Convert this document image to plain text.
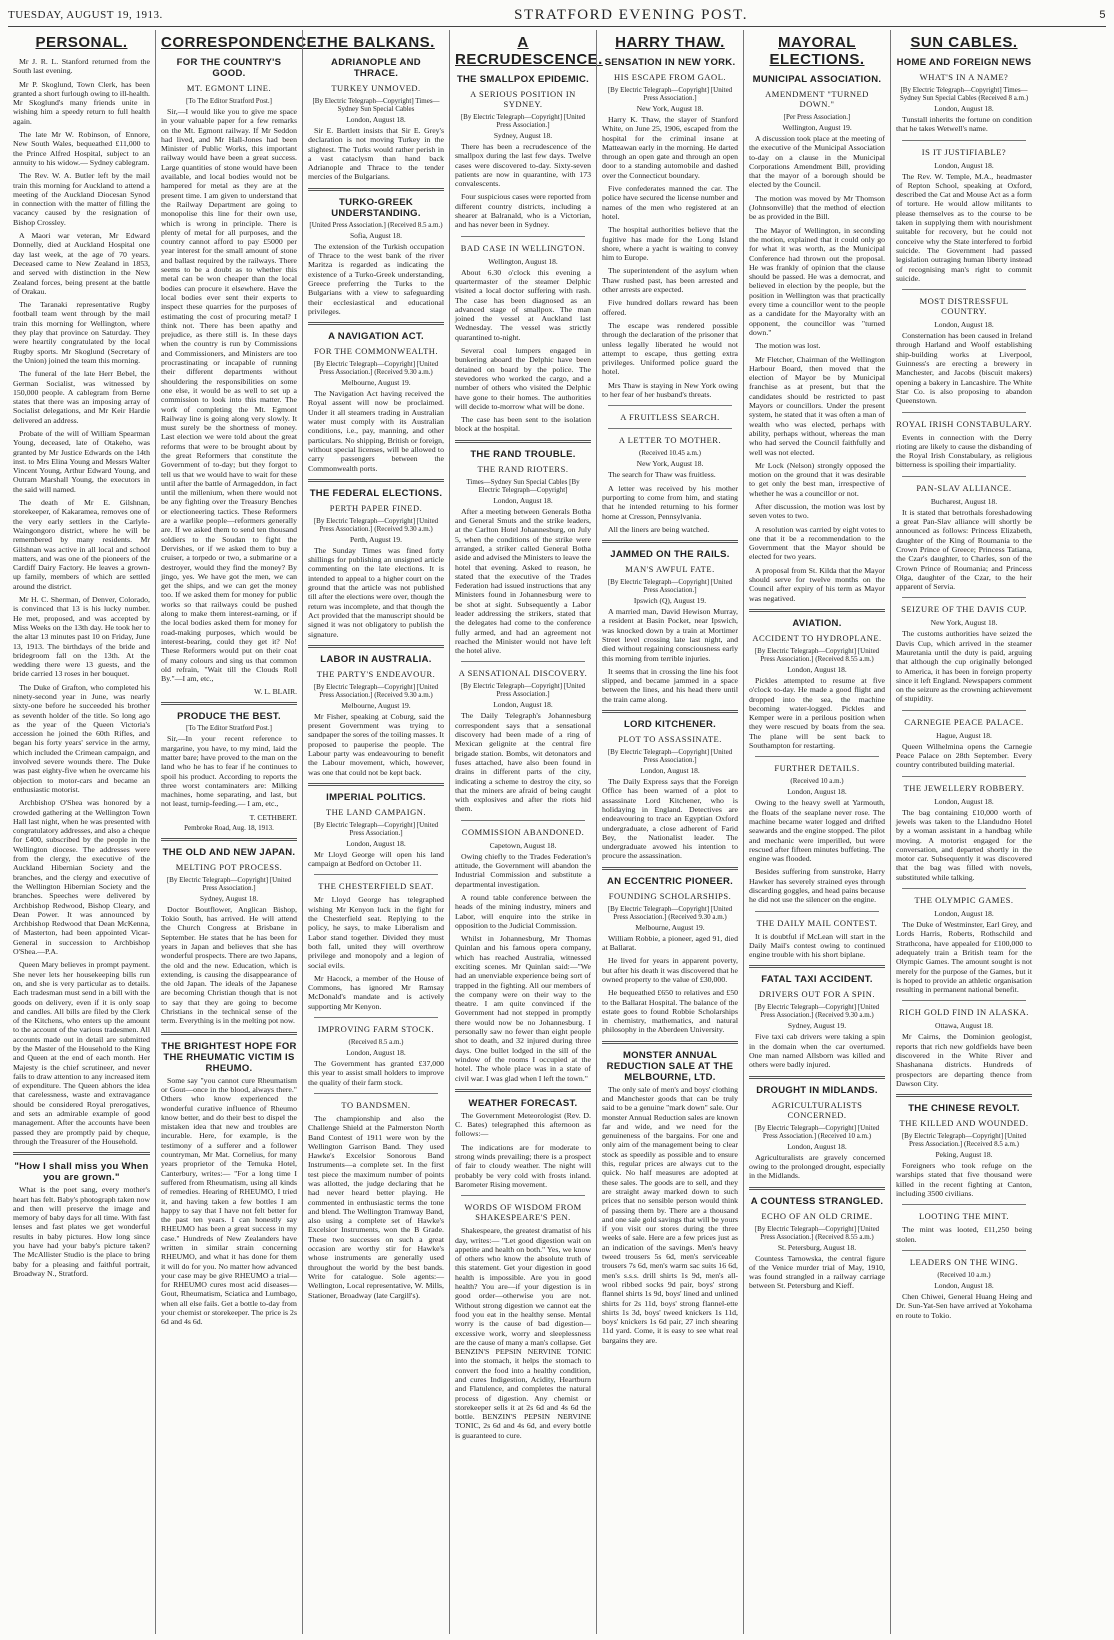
TUESDAY, AUGUST 19, 1913.	STRATFORD EVENING POST.	5
PERSONAL.

Mr J. R. L. Stanford returned from the South last evening.

Mr P. Skoglund, Town Clerk, has been granted a short furlough owing to ill-health. Mr Skoglund's many friends unite in wishing him a speedy return to full health again.

The late Mr W. Robinson, of Ennore, New South Wales, bequeathed £11,000 to the Prince Alfred Hospital, subject to an annuity to his widow.— Sydney cablegram.

The Rev. W. A. Butler left by the mail train this morning for Auckland to attend a meeting of the Auckland Diocesan Synod in connection with the matter of filling the vacancy caused by the resignation of Bishop Crossley.

A Maori war veteran, Mr Edward Donnelly, died at Auckland Hospital one day last week, at the age of 70 years. Deceased came to New Zealand in 1853, and served with distinction in the New Zealand forces, being present at the battle of Orakau.

The Taranaki representative Rugby football team went through by the mail train this morning for Wellington, where they play that province on Saturday. They were heartily congratulated by the local Rugby sports. Mr Skoglund (Secretary of the Union) joined the team this morning.

The funeral of the late Herr Bebel, the German Socialist, was witnessed by 150,000 people. A cablegram from Berne states that there was an imposing array of Socialist delegations, and Mr Keir Hardie delivered an address.

Probate of the will of William Spearman Young, deceased, late of Otakeho, was granted by Mr Justice Edwards on the 14th inst. to Mrs Elina Young and Messrs Walter Vincent Young, Arthur Edward Young, and Outram Marshall Young, the executors in the said will named.

The death of Mr E. Gilshnan, storekeeper, of Kakaramea, removes one of the very early settlers in the Carlyle-Waingongoro district, where he will be remembered by many residents. Mr Gilshnan was active in all local and school matters, and was one of the pioneers of the Cardiff Dairy Factory. He leaves a grown-up family, members of which are settled around the district.

Mr H. C. Sherman, of Denver, Colorado, is convinced that 13 is his lucky number. He met, proposed, and was accepted by Miss Weeks on the 13th day. He took her to the altar 13 minutes past 10 on Friday, June 13, 1913. The birthdays of the bride and bridegroom fall on the 13th. At the wedding there were 13 guests, and the bride carried 13 roses in her bouquet.

The Duke of Grafton, who completed his ninety-second year in June, was nearly sixty-one before he succeeded his brother as seventh holder of the title. So long ago as the year of the Queen Victoria's accession he joined the 60th Rifles, and began his forty years' service in the army, which included the Crimean campaign, and involved severe wounds there. The Duke was past eighty-five when he overcame his objection to motor-cars and became an enthusiastic motorist.

Archbishop O'Shea was honored by a crowded gathering at the Wellington Town Hall last night, when he was presented with congratulatory addresses, and also a cheque for £400, subscribed by the people in the Wellington diocese. The addresses were from the clergy, the executive of the Auckland Hibernian Society and the branches, and the clergy and executive of the Wellington Hibernian Society and the branches. Speeches were delivered by Archbishop Redwood, Bishop Cleary, and Dean Power. It was announced by Archbishop Redwood that Dean McKenna, of Masterton, had been appointed Vicar-General in succession to Archbishop O'Shea.—P.A.

Queen Mary believes in prompt payment. She never lets her housekeeping bills run on, and she is very particular as to details. Each tradesman must send in a bill with the goods on delivery, even if it is only soap and candles. All bills are filed by the Clerk of the Kitchens, who enters up the amount to the account of the various tradesmen. All accounts made out in detail are submitted by the Master of the Household to the King and Queen at the end of each month. Her Majesty is the chief scrutineer, and never fails to draw attention to any increased item of expenditure. The Queen abhors the idea that carelessness, waste and extravagance should be considered Royal prerogatives, and sets an admirable example of good management. After the accounts have been passed they are promptly paid by cheque, through the Treasurer of the Household.

"How I shall miss you When you are grown."

What is the poet sang, every mother's heart has felt. Baby's photograph taken now and then will preserve the image and memory of baby days for all time. With fast lenses and fast plates we get wonderful results in baby pictures. How long since you have had your baby's picture taken? The McAllister Studio is the place to bring baby for a pleasing and faithful portrait, Broadway N., Stratford.

CORRESPONDENCE.
FOR THE COUNTRY'S GOOD.
MT. EGMONT LINE.
[To The Editor Stratford Post.]

Sir,—I would like you to give me space in your valuable paper for a few remarks on the Mt. Egmont railway. If Mr Seddon had lived, and Mr Hall-Jones had been Minister of Public Works, this important railway would have been a great success. Large quantities of stone would have been available, and local bodies would not be hampered for metal as they are at the present time. I am given to understand that the Railway Department are going to monopolise this line for their own use, which is wrong in principle. There is plenty of metal for all purposes, and the country cannot afford to pay £5000 per year interest for the small amount of stone and ballast required by the railways. There seems to be a doubt as to whether this metal can be won cheaper than the local bodies can procure it elsewhere. Have the local bodies ever sent their experts to inspect these quarries for the purposes of estimating the cost of procuring metal? I think not. There has been apathy and prejudice, as there still is. In these days when the country is run by Commissions and Commissioners, and Ministers are too procrastinating or incapable of running their different departments without shouldering the responsibilities on some one else, it would be as well to set up a commission to look into this matter. The work of completing the Mt. Egmont Railway line is going along very slowly. It must surely be the shortness of money. Last election we were told about the great reforms that were to be brought about by the great Reformers that constitute the Government of to-day; but they forgot to tell us that we would have to wait for these until after the battle of Armageddon, in fact until the millenium, when there would not be any fighting over the Treasury Benches or electioneering tactics. These Reformers are a warlike people—reformers generally are. If we asked them to send ten thousand soldiers to the Soudan to fight the Dervishes, or if we asked them to buy a cruiser, a torpedo or two, a submarine or a destroyer, would they find the money? By jingo, yes. We have got the men, we can get the ships, and we can get the money too. If we asked them for money for public works so that railways could be pushed along to make them interest-earning, or if the local bodies asked them for money for road-making purposes, which would be interest-bearing, could they get it? No! These Reformers would put on their coat of many colours and sing us that common old refrain, "Wait till the Clouds Roll By."—I am, etc.,

W. L. BLAIR.
PRODUCE THE BEST.
[To The Editor Stratford Post.]

Sir,—In your recent reference to margarine, you have, to my mind, laid the matter bare; have proved to the man on the land who he has to fear if he continues to spoil his product. According to reports the three worst contaminaters are: Milking machines, home separating, and last, but not least, turnip-feeding.— I am, etc.,

T. CETHBERT.
Pembroke Road, Aug. 18, 1913.
THE OLD AND NEW JAPAN.
MELTING POT PROCESS.
[By Electric Telegraph—Copyright] [United Press Association.]
Sydney, August 18.

Doctor Boutflower, Anglican Bishop, Tokio South, has arrived. He will attend the Church Congress at Brisbane in September. He states that he has been for years in Japan and believes that she has wonderful prospects. There are two Japans, the old and the new. Education, which is extending, is causing the disappearance of the old Japan. The ideals of the Japanese are becoming Christian though that is not to say that they are going to become Christians in the technical sense of the term. Everything is in the melting pot now.

THE BRIGHTEST HOPE FOR THE RHEUMATIC VICTIM IS RHEUMO.

Some say "you cannot cure Rheumatism or Gout—once in the blood, always there." Others who know experienced the wonderful curative influence of Rheumo know better, and do their best to dispel the mistaken idea that new and troubles are incurable. Here, for example, is the testimony of a sufferer and a follower countryman, Mr Mat. Cornelius, for many years proprietor of the Temuka Hotel, Canterbury, writes:— "For a long time I suffered from Rheumatism, using all kinds of remedies. Hearing of RHEUMO, I tried it, and having taken a few bottles I am happy to say that I have not felt better for the past ten years. I can honestly say RHEUMO has been a great success in my case." Hundreds of New Zealanders have written in similar strain concerning RHEUMO, and what it has done for them it will do for you. No matter how advanced your case may be give RHEUMO a trial—for RHEUMO cures most acid diseases—Gout, Rheumatism, Sciatica and Lumbago, when all else fails. Get a bottle to-day from your chemist or storekeeper. The price is 2s 6d and 4s 6d.

THE BALKANS.
ADRIANOPLE AND THRACE.
TURKEY UNMOVED.
[By Electric Telegraph—Copyright] Times—Sydney Sun Special Cables
London, August 18.

Sir E. Bartlett insists that Sir E. Grey's declaration is not moving Turkey in the slightest. The Turks would rather perish in a vast cataclysm than hand back Adrianople and Thrace to the tender mercies of the Bulgarians.

TURKO-GREEK UNDERSTANDING.
[United Press Association.] (Received 8.5 a.m.)
Sofia, August 18.

The extension of the Turkish occupation of Thrace to the west bank of the river Maritza is regarded as indicating the existence of a Turko-Greek understanding, Greece preferring the Turks to the Bulgarians with a view to safeguarding their ecclesiastical and educational privileges.

A NAVIGATION ACT.
FOR THE COMMONWEALTH.
[By Electric Telegraph—Copyright] [United Press Association.] (Received 9.30 a.m.)
Melbourne, August 19.

The Navigation Act having received the Royal assent will now be proclaimed. Under it all steamers trading in Australian water must comply with its Australian conditions, i.e., pay, manning, and other particulars. No shipping, British or foreign, without special licenses, will be allowed to carry passengers between the Commonwealth ports.

THE FEDERAL ELECTIONS.
PERTH PAPER FINED.
[By Electric Telegraph—Copyright] [United Press Association.] (Received 9.30 a.m.)
Perth, August 19.

The Sunday Times was fined forty shillings for publishing an unsigned article commenting on the late elections. It is intended to appeal to a higher court on the ground that the article was not published till after the elections were over, though the return was incomplete, and that though the Act provided that the manuscript should be signed it was not obligatory to publish the signature.

LABOR IN AUSTRALIA.
THE PARTY'S ENDEAVOUR.
[By Electric Telegraph—Copyright] [United Press Association.] (Received 9.30 a.m.)
Melbourne, August 19.

Mr Fisher, speaking at Coburg, said the present Government was trying to sandpaper the sores of the toiling masses. It proposed to pauperise the people. The Labour party was endeavouring to benefit the Labour movement, which, however, was one that could not be kept back.

IMPERIAL POLITICS.
THE LAND CAMPAIGN.
[By Electric Telegraph—Copyright] [United Press Association.]
London, August 18.

Mr Lloyd George will open his land campaign at Bedford on October 11.

THE CHESTERFIELD SEAT.

Mr Lloyd George has telegraphed wishing Mr Kenyon luck in the fight for the Chesterfield seat. Replying to the policy, he says, to make Liberalism and Labor stand together. Divided they must both fall, united they will overthrow privilege and monopoly and a legion of social evils.

Mr Hacock, a member of the House of Commons, has ignored Mr Ramsay McDonald's mandate and is actively supporting Mr Kenyon.

IMPROVING FARM STOCK.
(Received 8.5 a.m.)
London, August 18.

The Government has granted £37,000 this year to assist small holders to improve the quality of their farm stock.

TO BANDSMEN.

The championship and also the Challenge Shield at the Palmerston North Band Contest of 1911 were won by the Wellington Garrison Band. They used Hawke's Excelsior Sonorous Band Instruments—a complete set. In the first test piece the maximum number of points was allotted, the judge declaring that he had never heard better playing. He commented in enthusiastic terms the tone and blend. The Wellington Tramway Band, also using a complete set of Hawke's Excelsior Instruments, won the B Grade. These two successes on such a great occasion are worthy stir for Hawke's whose instruments are generally used throughout the world by the best bands. Write for catalogue. Sole agents:— Wellington, Local representative, W. Mills, Stationer, Broadway (late Cargill's).

A RECRUDESCENCE.
THE SMALLPOX EPIDEMIC.
A SERIOUS POSITION IN SYDNEY.
[By Electric Telegraph—Copyright] [United Press Association.]
Sydney, August 18.

There has been a recrudescence of the smallpox during the last few days. Twelve cases were discovered to-day. Sixty-seven patients are now in quarantine, with 173 convalescents.

Four suspicious cases were reported from different country districts, including a shearer at Balranald, who is a Victorian, and has never been in Sydney.

BAD CASE IN WELLINGTON.
Wellington, August 18.

About 6.30 o'clock this evening a quartermaster of the steamer Delphic visited a local doctor suffering with rash. The case has been diagnosed as an advanced stage of smallpox. The man joined the vessel at Auckland last Wednesday. The vessel was strictly quarantined to-night.

Several coal lumpers engaged in bunkering aboard the Delphic have been detained on board by the police. The stevedores who worked the cargo, and a number of others who visited the Delphic have gone to their homes. The authorities will decide to-morrow what will be done.

The case has been sent to the isolation block at the hospital.

THE RAND TROUBLE.
THE RAND RIOTERS.
Times—Sydney Sun Special Cables [By Electric Telegraph—Copyright]
London, August 18.

After a meeting between Generals Botha and General Smuts and the strike leaders, at the Carlton Hotel Johannesburg, on July 5, when the conditions of the strike were arranged, a striker called General Botha aside and advised the Ministers to leave the hotel that evening. Asked to reason, he stated that the executive of the Trades Federation had issued instructions that any Ministers found in Johannesburg were to be shot at sight. Subsequently a Labor leader addressing the strikers, stated that the delegates had come to the conference fully armed, and had an agreement not reached the Minister would not have left the hotel alive.

A SENSATIONAL DISCOVERY.
[By Electric Telegraph—Copyright] [United Press Association.]
London, August 18.

The Daily Telegraph's Johannesburg correspondent says that a sensational discovery had been made of a ring of Mexican gelignite at the central fire brigade station. Bombs, wit detonators and fuses attached, have also been found in drains in different parts of the city, indicating a scheme to destroy the city, so that the miners are afraid of being caught with explosives and after the riots hid them.

COMMISSION ABANDONED.
Capetown, August 18.

Owing chiefly to the Trades Federation's attitude, the Government will abandon the Industrial Commission and substitute a departmental investigation.

A round table conference between the heads of the mining industry, miners and Labor, will enquire into the strike in opposition to the Judicial Commission.

Whilst in Johannesburg, Mr Thomas Quinlan and his famous opera company, which has reached Australia, witnessed exciting scenes. Mr Quinlan said:—"We had an unenviable experience being sort of trapped in the fighting. All our members of the company were on their way to the theatre. I am quite convinced if the Government had not stepped in promptly there would now be no Johannesburg. I personally saw no fewer than eight people shot to death, and 32 injured during three days. One bullet lodged in the sill of the window of the rooms I occupied at the hotel. The whole place was in a state of civil war. I was glad when I left the town."

WEATHER FORECAST.

The Government Meteorologist (Rev. D. C. Bates) telegraphed this afternoon as follows:—

The indications are for moderate to strong winds prevailing; there is a prospect of fair to cloudy weather. The night will probably be very cold with frosts inland. Barometer Rising movement.

WORDS OF WISDOM FROM SHAKESPEARE'S PEN.

Shakespeare, the greatest dramatist of his day, writes:— "Let good digestion wait on appetite and health on both." Yes, we know of others who know the absolute truth of this statement. Get your digestion in good health is impossible. Are you in good health? You are—if your digestion is in good order—otherwise you are not. Without strong digestion we cannot eat the food you eat in the healthy sense. Mental worry is the cause of bad digestion—excessive work, worry and sleeplessness are the cause of many a man's collapse. Get BENZIN'S PEPSIN NERVINE TONIC into the stomach, it helps the stomach to convert the food into a healthy condition, and cures Indigestion, Acidity, Heartburn and Flatulence, and completes the natural process of digestion. Any chemist or storekeeper sells it at 2s 6d and 4s 6d the bottle. BENZIN'S PEPSIN NERVINE TONIC, 2s 6d and 4s 6d, and every bottle is guaranteed to cure.

HARRY THAW.
SENSATION IN NEW YORK.
HIS ESCAPE FROM GAOL.
[By Electric Telegraph—Copyright] [United Press Association.]
New York, August 18.

Harry K. Thaw, the slayer of Stanford White, on June 25, 1906, escaped from the hospital for the criminal insane at Matteawan early in the morning. He darted through an open gate and through an open door to a standing automobile and dashed over the Connecticut boundary.

Five confederates manned the car. The police have secured the license number and names of the men who registered at an hotel.

The hospital authorities believe that the fugitive has made for the Long Island shore, where a yacht is waiting to convey him to Europe.

The superintendent of the asylum when Thaw rushed past, has been arrested and other arrests are expected.

Five hundred dollars reward has been offered.

The escape was rendered possible through the declaration of the prisoner that unless legally liberated he would not attempt to escape, thus getting extra privileges. Uniformed police guard the hotel.

Mrs Thaw is staying in New York owing to her fear of her husband's threats.

A FRUITLESS SEARCH.
A LETTER TO MOTHER.
(Received 10.45 a.m.)
New York, August 18.

The search for Thaw was fruitless.

A letter was received by his mother purporting to come from him, and stating that he intended returning to his former home at Cresson, Pennsylvania.

All the liners are being watched.

JAMMED ON THE RAILS.
MAN'S AWFUL FATE.
[By Electric Telegraph—Copyright] [United Press Association.]
Ipswich (Q), August 19.

A married man, David Hewison Murray, a resident at Basin Pocket, near Ipswich, was knocked down by a train at Mortimer Street level crossing late last night, and died without regaining consciousness early this morning from terrible injuries.

It seems that in crossing the line his foot slipped, and became jammed in a space between the lines, and his head there until the train came along.

LORD KITCHENER.
PLOT TO ASSASSINATE.
[By Electric Telegraph—Copyright] [United Press Association.]
London, August 18.

The Daily Express says that the Foreign Office has been warned of a plot to assassinate Lord Kitchener, who is holidaying in England. Detectives are endeavouring to trace an Egyptian Oxford undergraduate, a close adherent of Farid Bey, the Nationalist leader. The undergraduate avowed his intention to procure the assassination.

AN ECCENTRIC PIONEER.
FOUNDING SCHOLARSHIPS.
[By Electric Telegraph—Copyright] [United Press Association.] (Received 9.30 a.m.)
Melbourne, August 19.

William Robbie, a pioneer, aged 91, died at Ballarat.

He lived for years in apparent poverty, but after his death it was discovered that he owned property to the value of £30,000.

He bequeathed £650 to relatives and £50 to the Ballarat Hospital. The balance of the estate goes to found Robbie Scholarships in chemistry, mathematics, and natural philosophy in the Aberdeen University.

MONSTER ANNUAL REDUCTION SALE AT THE MELBOURNE, LTD.

The only sale of men's and boys' clothing and Manchester goods that can be truly said to be a genuine "mark down" sale. Our monster Annual Reduction sales are known far and wide, and we need for the genuineness of the bargains. For one and only aim of the management being to clear stock as speedily as possible and to ensure this, regular prices are always cut to the quick. No half measures are adopted at these sales. The goods are to sell, and they are straight away marked down to such prices that no sensible person would think of passing them by. There are a thousand and one sale gold savings that will be yours if you visit our stores during the three weeks of sale. Here are a few prices just as an indication of the savings. Men's heavy tweed trousers 5s 6d, men's serviceable trousers 7s 6d, men's warm sac suits 16 6d, men's s.s.s. drill shirts 1s 9d, men's all-wool ribbed socks 9d pair, boys' strong flannel shirts 1s 9d, boys' lined and unlined shirts for 2s 11d, boys' strong flannel-ette shirts 1s 3d, boys' tweed knickers 1s 11d, boys' knickers 1s 6d pair, 27 inch shearing 11d yard. Come, it is easy to see what real bargains they are.

MAYORAL ELECTIONS.
MUNICIPAL ASSOCIATION.
AMENDMENT "TURNED DOWN."
[Per Press Association.]
Wellington, August 19.

A discussion took place at the meeting of the executive of the Municipal Association to-day on a clause in the Municipal Corporations Amendment Bill, providing that the mayor of a borough should be elected by the Council.

The motion was moved by Mr Thomson (Johnsonville) that the method of election be as provided in the Bill.

The Mayor of Wellington, in seconding the motion, explained that it could only go for what it was worth, as the Municipal Conference had thrown out the proposal. He was frankly of opinion that the clause should be passed. He was a democrat, and believed in election by the people, but the position in Wellington was that practically every time a councillor went to the people as a candidate for the Mayoralty with an opponent, the councillor was "turned down."

The motion was lost.

Mr Fletcher, Chairman of the Wellington Harbour Board, then moved that the election of Mayor be by Municipal franchise as at present, but that the candidates should be restricted to past Mayors or councillors. Under the present system, he stated that it was often a man of wealth who was elected, perhaps with ability, perhaps without, whereas the man who had served the Council faithfully and well was not elected.

Mr Lock (Nelson) strongly opposed the motion on the ground that it was desirable to get only the best man, irrespective of whether he was a councillor or not.

After discussion, the motion was lost by seven votes to two.

A resolution was carried by eight votes to one that it be a recommendation to the Government that the Mayor should be elected for two years.

A proposal from St. Kilda that the Mayor should serve for twelve months on the Council after expiry of his term as Mayor was negatived.

AVIATION.
ACCIDENT TO HYDROPLANE.
[By Electric Telegraph—Copyright] [United Press Association.] (Received 8.55 a.m.)
London, August 18.

Pickles attempted to resume at five o'clock to-day. He made a good flight and dropped into the sea, the machine becoming water-logged. Pickles and Kemper were in a perilous position when they were rescued by boats from the sea. The plane will be sent back to Southampton for restarting.

FURTHER DETAILS.
(Received 10 a.m.)
London, August 18.

Owing to the heavy swell at Yarmouth, the floats of the seaplane never rose. The machine became water logged and drifted seawards and the engine stopped. The pilot and mechanic were imperilled, but were rescued after fifteen minutes buffeting. The engine was flooded.

Besides suffering from sunstroke, Harry Hawker has severely strained eyes through discarding goggles, and head pains because he did not use the silencer on the engine.

THE DAILY MAIL CONTEST.

It is doubtful if McLean will start in the Daily Mail's contest owing to continued engine trouble with his short biplane.

FATAL TAXI ACCIDENT.
DRIVERS OUT FOR A SPIN.
[By Electric Telegraph—Copyright] [United Press Association.] (Received 9.30 a.m.)
Sydney, August 19.

Five taxi cab drivers were taking a spin in the domain when the car overturned. One man named Allsborn was killed and others were badly injured.

DROUGHT IN MIDLANDS.
AGRICULTURALISTS CONCERNED.
[By Electric Telegraph—Copyright] [United Press Association.] (Received 10 a.m.)
London, August 18.

Agriculturalists are gravely concerned owing to the prolonged drought, especially in the Midlands.

A COUNTESS STRANGLED.
ECHO OF AN OLD CRIME.
[By Electric Telegraph—Copyright] [United Press Association.] (Received 8.55 a.m.)
St. Petersburg, August 18.

Countess Tarnowska, the central figure of the Venice murder trial of May, 1910, was found strangled in a railway carriage between St. Petersburg and Kieff.

SUN CABLES.
HOME AND FOREIGN NEWS
WHAT'S IN A NAME?
[By Electric Telegraph—Copyright] Times—Sydney Sun Special Cables (Received 8 a.m.)
London, August 18.

Tunstall inherits the fortune on condition that he takes Wetwell's name.

IS IT JUSTIFIABLE?
London, August 18.

The Rev. W. Temple, M.A., headmaster of Repton School, speaking at Oxford, described the Cat and Mouse Act as a form of torture. He would allow militants to please themselves as to the course to be taken in supplying them with nourishment suitable for recovery, but he could not conceive why the State interfered to forbid suicide. The Government had passed legislation outraging human liberty instead of recognising man's right to commit suicide.

MOST DISTRESSFUL COUNTRY.
London, August 18.

Consternation has been caused in Ireland through Harland and Woolf establishing ship-building works at Liverpool, Guinness's are erecting a brewery in Manchester, and Jacobs (biscuit makers) opening a bakery in Lancashire. The White Star Co. is also proposing to abandon Queenstown.

ROYAL IRISH CONSTABULARY.

Events in connection with the Derry rioting are likely to cause the disbanding of the Royal Irish Constabulary, as religious bitterness is spoiling their impartiality.

PAN-SLAV ALLIANCE.
Bucharest, August 18.

It is stated that betrothals foreshadowing a great Pan-Slav alliance will shortly be announced as follows: Princess Elizabeth, daughter of the King of Roumania to the Crown Prince of Greece; Princess Tatiana, the Czar's daughter, to Charles, son of the Crown Prince of Roumania; and Princess Olga, daughter of the Czar, to the heir apparent of Servia.

SEIZURE OF THE DAVIS CUP.
New York, August 18.

The customs authorities have seized the Davis Cup, which arrived in the steamer Mauretania until the duty is paid, arguing that although the cup originally belonged to America, it has been in foreign property since it left England. Newspapers comment on the seizure as the crowning achievement of stupidity.

CARNEGIE PEACE PALACE.
Hague, August 18.

Queen Wilhelmina opens the Carnegie Peace Palace on 28th September. Every country contributed building material.

THE JEWELLERY ROBBERY.
London, August 18.

The bag containing £10,000 worth of jewels was taken to the Llandudno Hotel by a woman assistant in a handbag while moving. A motorist engaged for the conversation, and departed shortly in the motor car. Subsequently it was discovered that the bag was filled with novels, substituted while talking.

THE OLYMPIC GAMES.
London, August 18.

The Duke of Westminster, Earl Grey, and Lords Harris, Roberts, Rothschild and Strathcona, have appealed for £100,000 to adequately train a British team for the Olympic Games. The amount sought is not merely for the purpose of the Games, but it is hoped to provide an athletic organisation resulting in permanent national benefit.

RICH GOLD FIND IN ALASKA.
Ottawa, August 18.

Mr Cairns, the Dominion geologist, reports that rich new goldfields have been discovered in the White River and Shashanana districts. Hundreds of prospectors are departing thence from Dawson City.

THE CHINESE REVOLT.
THE KILLED AND WOUNDED.
[By Electric Telegraph—Copyright] [United Press Association.] (Received 8.5 a.m.)
Peking, August 18.

Foreigners who took refuge on the warships stated that five thousand were killed in the recent fighting at Canton, including 3500 civilians.

LOOTING THE MINT.

The mint was looted, £11,250 being stolen.

LEADERS ON THE WING.
(Received 10 a.m.)
London, August 18.

Chen Chiwei, General Huang Heing and Dr. Sun-Yat-Sen have arrived at Yokohama en route to Tokio.
